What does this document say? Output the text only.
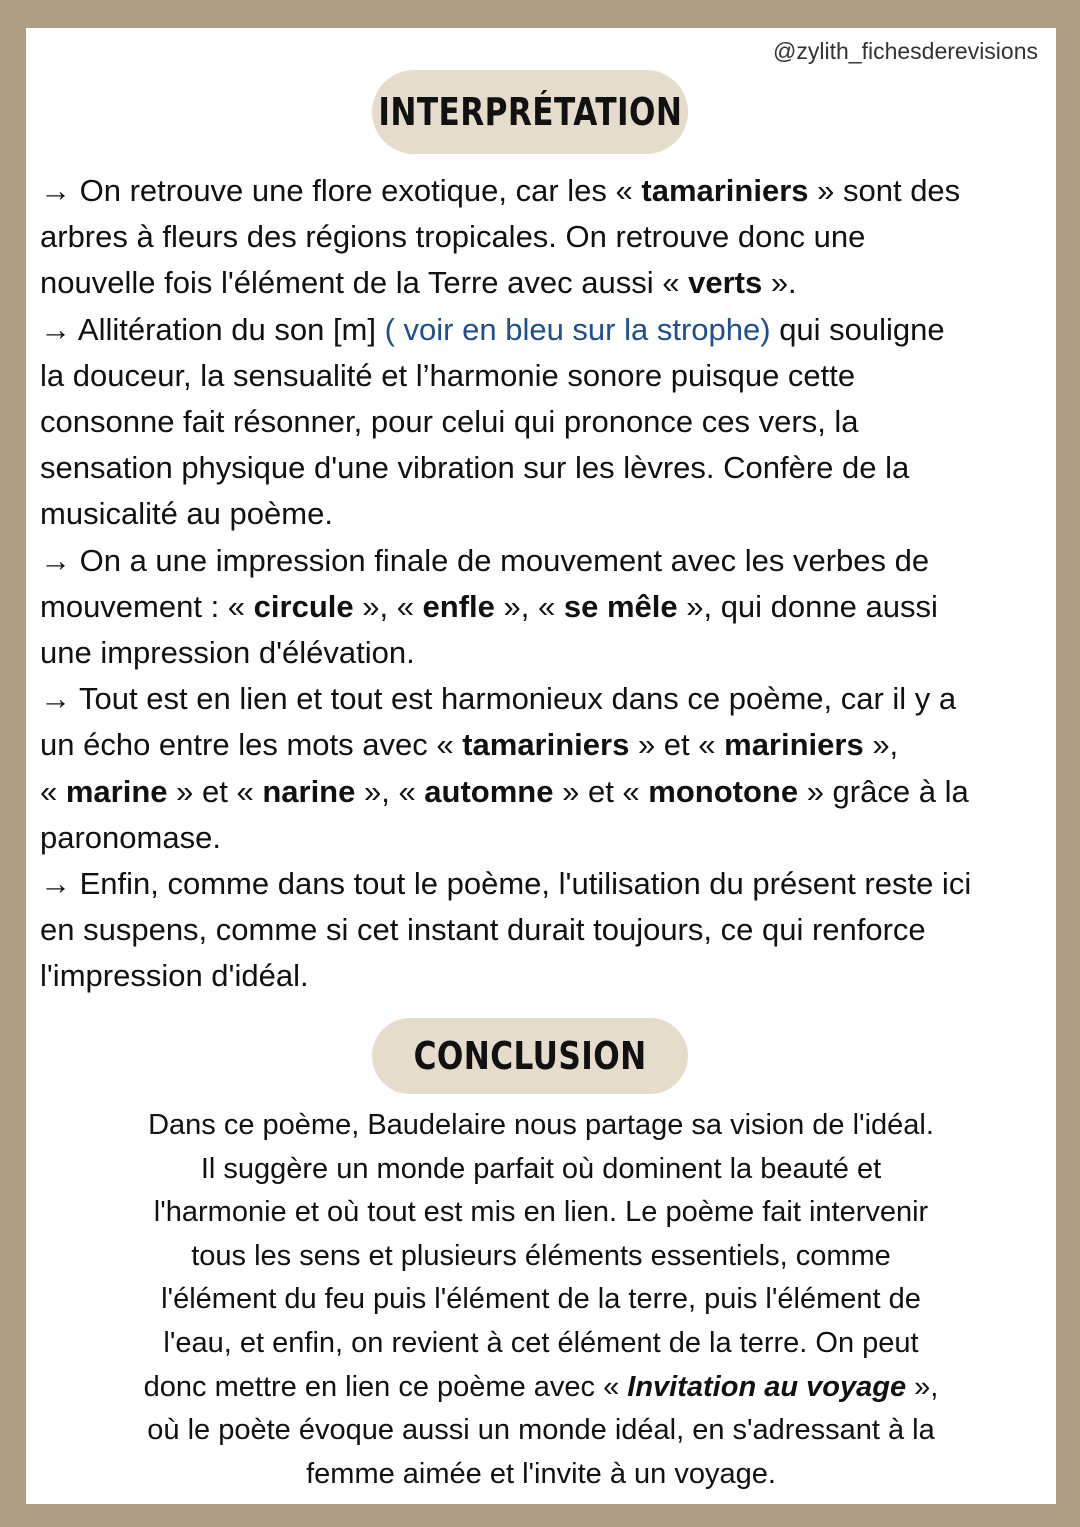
@zylith_fichesderevisions
INTERPRÉTATION
→ On retrouve une flore exotique, car les « tamariniers » sont des
arbres à fleurs des régions tropicales. On retrouve donc une
nouvelle fois l'élément de la Terre avec aussi « verts ».
→ Allitération du son [m] ( voir en bleu sur la strophe) qui souligne
la douceur, la sensualité et l’harmonie sonore puisque cette
consonne fait résonner, pour celui qui prononce ces vers, la
sensation physique d'une vibration sur les lèvres. Confère de la
musicalité au poème.
→ On a une impression finale de mouvement avec les verbes de
mouvement : « circule », « enfle », « se mêle », qui donne aussi
une impression d'élévation.
→ Tout est en lien et tout est harmonieux dans ce poème, car il y a
un écho entre les mots avec « tamariniers » et « mariniers »,
« marine » et « narine », « automne » et « monotone » grâce à la
paronomase.
→ Enfin, comme dans tout le poème, l'utilisation du présent reste ici
en suspens, comme si cet instant durait toujours, ce qui renforce
l'impression d'idéal.
CONCLUSION
Dans ce poème, Baudelaire nous partage sa vision de l'idéal.
Il suggère un monde parfait où dominent la beauté et
l'harmonie et où tout est mis en lien. Le poème fait intervenir
tous les sens et plusieurs éléments essentiels, comme
l'élément du feu puis l'élément de la terre, puis l'élément de
l'eau, et enfin, on revient à cet élément de la terre. On peut
donc mettre en lien ce poème avec « Invitation au voyage »,
où le poète évoque aussi un monde idéal, en s'adressant à la
femme aimée et l'invite à un voyage.
